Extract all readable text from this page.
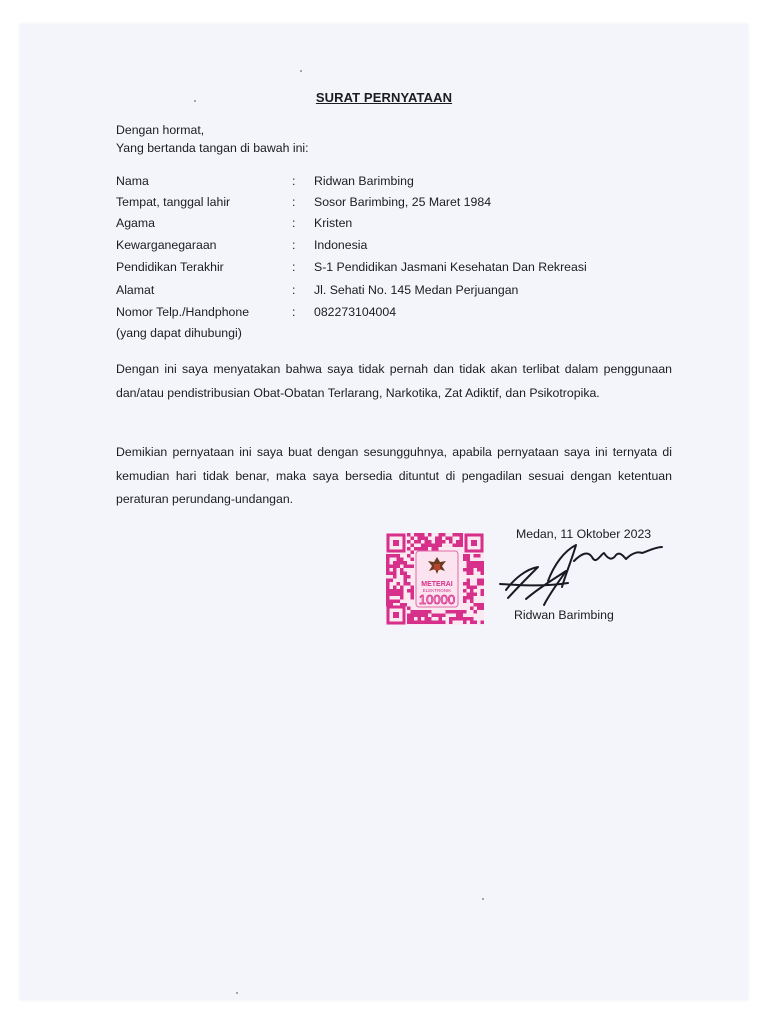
SURAT PERNYATAAN
Dengan hormat,
Yang bertanda tangan di bawah ini:
Nama	: Ridwan Barimbing
Tempat, tanggal lahir	: Sosor Barimbing, 25 Maret 1984
Agama	: Kristen
Kewarganegaraan	: Indonesia
Pendidikan Terakhir	: S-1 Pendidikan Jasmani Kesehatan Dan Rekreasi
Alamat	: Jl. Sehati No. 145 Medan Perjuangan
Nomor Telp./Handphone	: 082273104004
(yang dapat dihubungi)
Dengan ini saya menyatakan bahwa saya tidak pernah dan tidak akan terlibat dalam penggunaan dan/atau pendistribusian Obat-Obatan Terlarang, Narkotika, Zat Adiktif, dan Psikotropika.
Demikian pernyataan ini saya buat dengan sesungguhnya, apabila pernyataan saya ini ternyata di kemudian hari tidak benar, maka saya bersedia dituntut di pengadilan sesuai dengan ketentuan peraturan perundang-undangan.
Medan, 11 Oktober 2023
METERAI
ELEKTRONIK
10000
Ridwan Barimbing
